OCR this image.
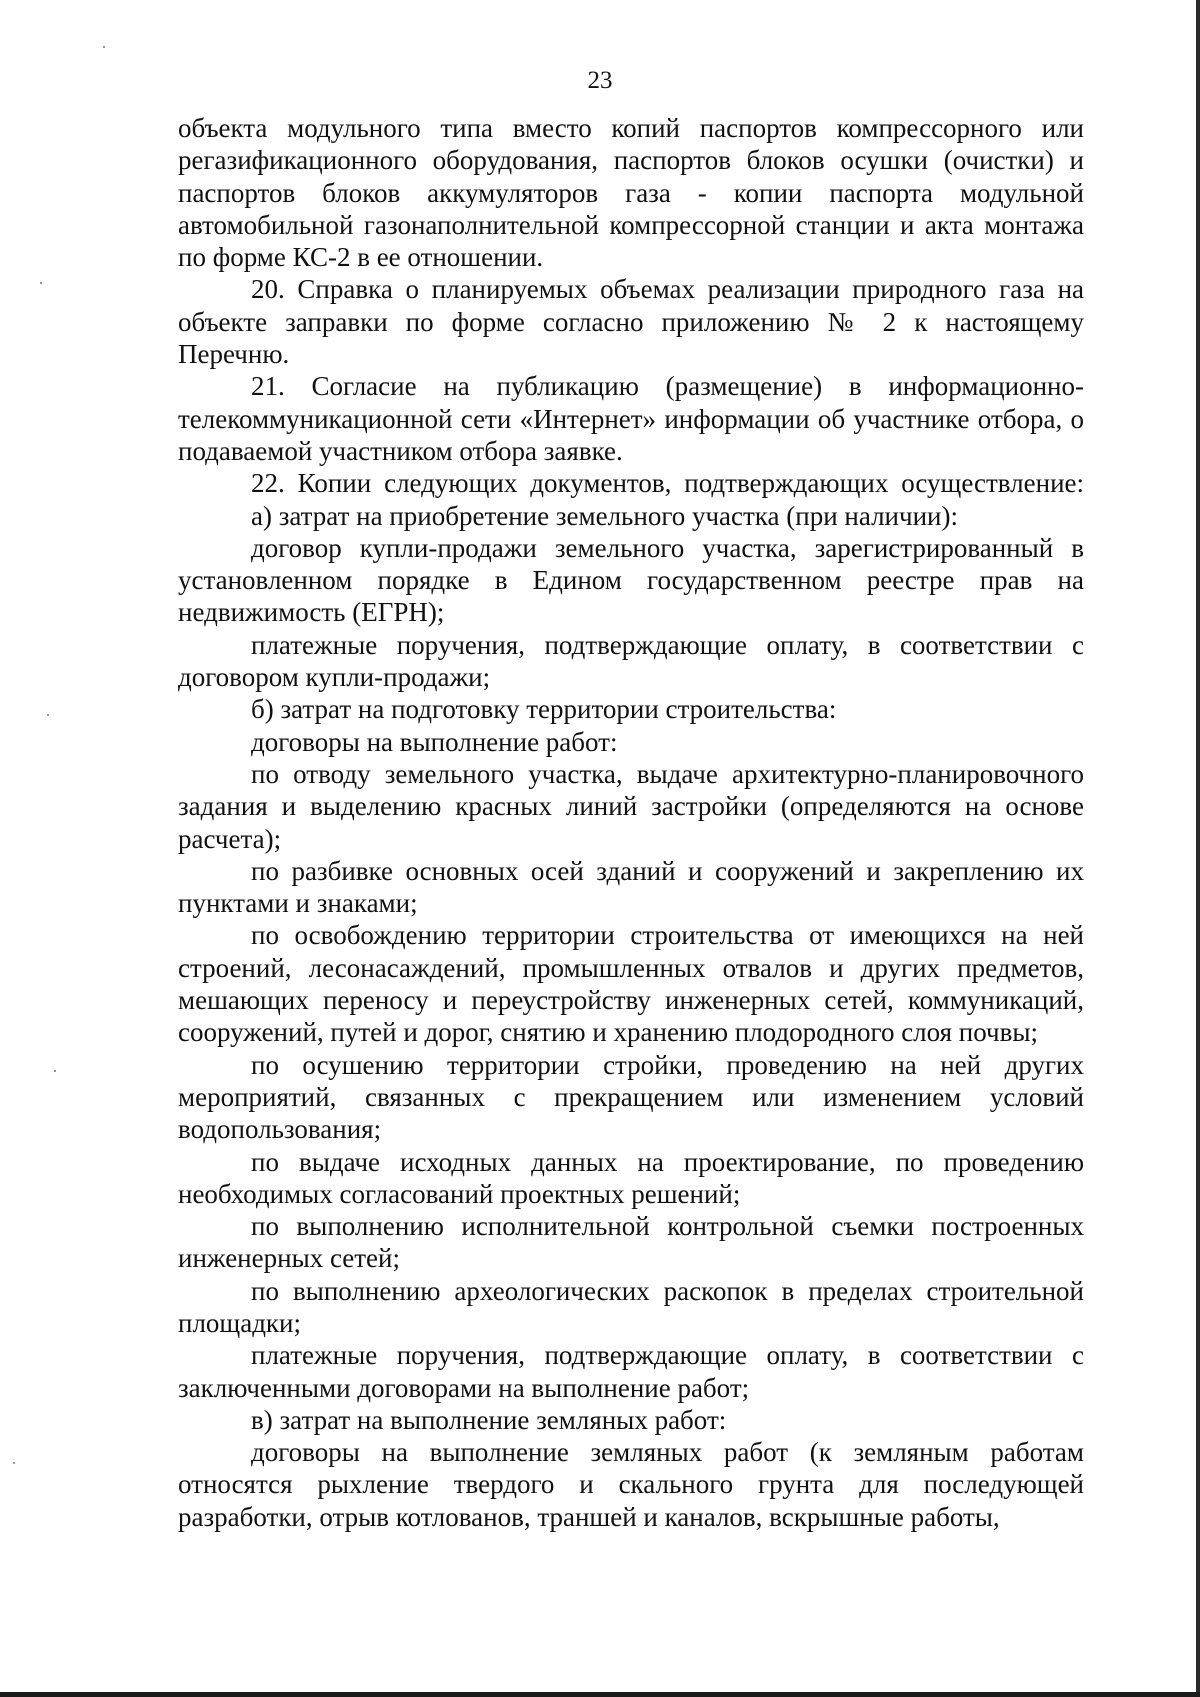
23

объекта модульного типа вместо копий паспортов компрессорного или регазификационного оборудования, паспортов блоков осушки (очистки) и паспортов блоков аккумуляторов газа - копии паспорта модульной автомобильной газонаполнительной компрессорной станции и акта монтажа по форме КС-2 в ее отношении.

20. Справка о планируемых объемах реализации природного газа на объекте заправки по форме согласно приложению № 2 к настоящему Перечню.

21. Согласие на публикацию (размещение) в информационно-телекоммуникационной сети «Интернет» информации об участнике отбора, о подаваемой участником отбора заявке.

22. Копии следующих документов, подтверждающих осуществление:

а) затрат на приобретение земельного участка (при наличии):

договор купли-продажи земельного участка, зарегистрированный в установленном порядке в Едином государственном реестре прав на недвижимость (ЕГРН);

платежные поручения, подтверждающие оплату, в соответствии с договором купли-продажи;

б) затрат на подготовку территории строительства:

договоры на выполнение работ:

по отводу земельного участка, выдаче архитектурно-планировочного задания и выделению красных линий застройки (определяются на основе расчета);

по разбивке основных осей зданий и сооружений и закреплению их пунктами и знаками;

по освобождению территории строительства от имеющихся на ней строений, лесонасаждений, промышленных отвалов и других предметов, мешающих переносу и переустройству инженерных сетей, коммуникаций, сооружений, путей и дорог, снятию и хранению плодородного слоя почвы;

по осушению территории стройки, проведению на ней других мероприятий, связанных с прекращением или изменением условий водопользования;

по выдаче исходных данных на проектирование, по проведению необходимых согласований проектных решений;

по выполнению исполнительной контрольной съемки построенных инженерных сетей;

по выполнению археологических раскопок в пределах строительной площадки;

платежные поручения, подтверждающие оплату, в соответствии с заключенными договорами на выполнение работ;

в) затрат на выполнение земляных работ:

договоры на выполнение земляных работ (к земляным работам относятся рыхление твердого и скального грунта для последующей разработки, отрыв котлованов, траншей и каналов, вскрышные работы,
